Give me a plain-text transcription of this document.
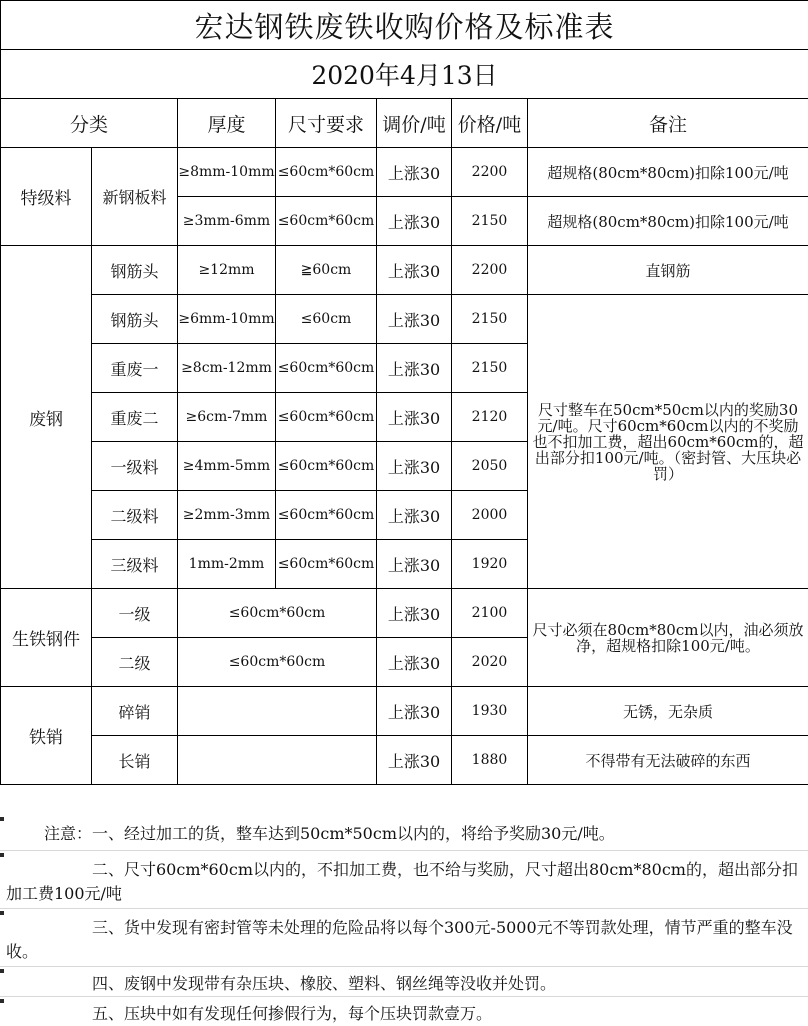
宏达钢铁废铁收购价格及标准表						
2020年4月13日						
分类		厚度	尺寸要求	调价/吨	价格/吨	备注
特级料	新钢板料	≥8mm-10mm	≤60cm*60cm	上涨30	2200	超规格(80cm*80cm)扣除100元/吨
		≥3mm-6mm	≤60cm*60cm	上涨30	2150	超规格(80cm*80cm)扣除100元/吨
废钢	钢筋头	≥12mm	≧60cm	上涨30	2200	直钢筋
	钢筋头	≥6mm-10mm	≤60cm	上涨30	2150	尺寸整车在50cm*50cm以内的奖励30元/吨。尺寸60cm*60cm以内的不奖励也不扣加工费，超出60cm*60cm的，超出部分扣100元/吨。（密封管、大压块必罚）
	重废一	≥8cm-12mm	≤60cm*60cm	上涨30	2150	
	重废二	≥6cm-7mm	≤60cm*60cm	上涨30	2120	
	一级料	≥4mm-5mm	≤60cm*60cm	上涨30	2050	
	二级料	≥2mm-3mm	≤60cm*60cm	上涨30	2000	
	三级料	1mm-2mm	≤60cm*60cm	上涨30	1920	
生铁钢件	一级	≤60cm*60cm		上涨30	2100	尺寸必须在80cm*80cm以内，油必须放净，超规格扣除100元/吨。
	二级	≤60cm*60cm		上涨30	2020	
铁销	碎销			上涨30	1930	无锈，无杂质
	长销			上涨30	1880	不得带有无法破碎的东西
注意：一、经过加工的货，整车达到50cm*50cm以内的，将给予奖励30元/吨。
二、尺寸60cm*60cm以内的，不扣加工费，也不给与奖励，尺寸超出80cm*80cm的，超出部分扣加工费100元/吨
三、货中发现有密封管等未处理的危险品将以每个300元-5000元不等罚款处理，情节严重的整车没收。
四、废钢中发现带有杂压块、橡胶、塑料、钢丝绳等没收并处罚。
五、压块中如有发现任何掺假行为，每个压块罚款壹万。
